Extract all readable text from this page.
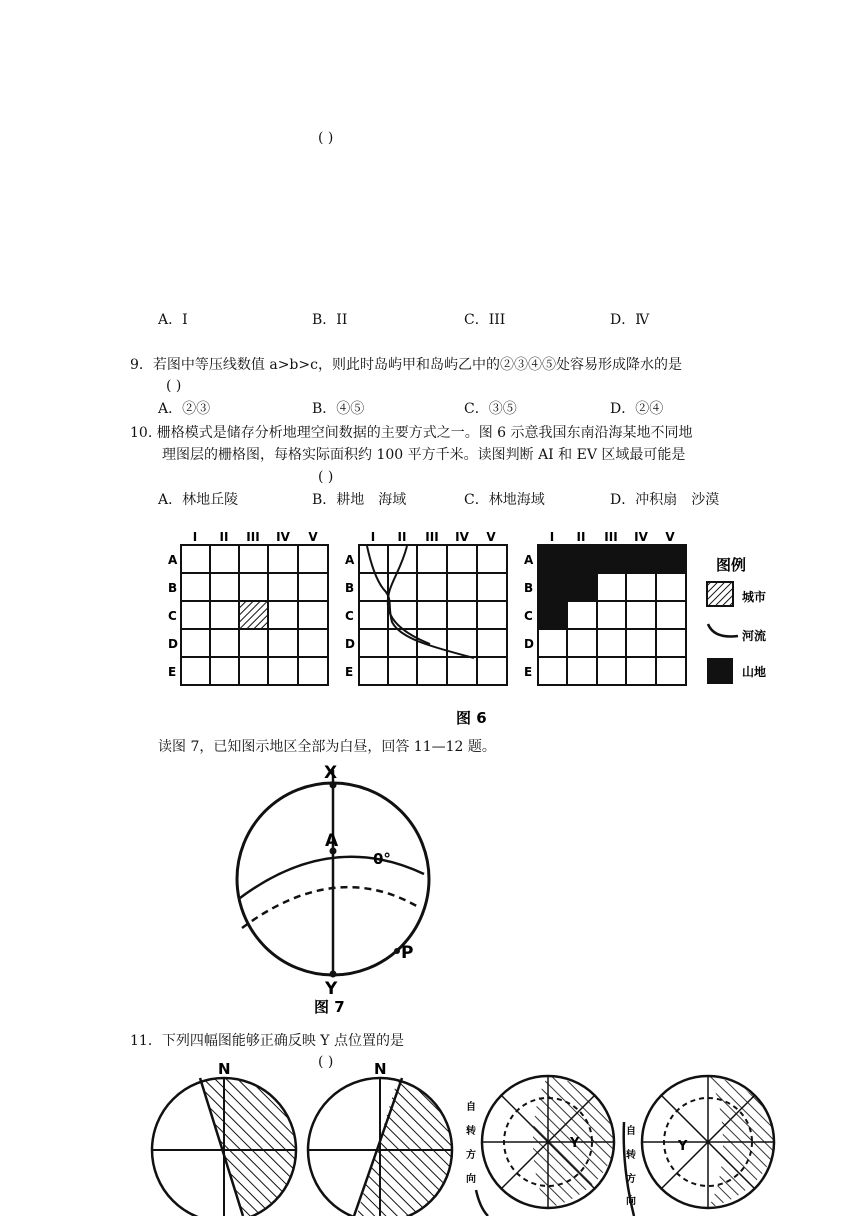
( )
A．I	B．II	C．III	D．Ⅳ
9．若图中等压线数值 a>b>c，则此时岛屿甲和岛屿乙中的②③④⑤处容易形成降水的是
( )
A．②③	B．④⑤	C．③⑤	D．②④
10. 栅格模式是储存分析地理空间数据的主要方式之一。图 6 示意我国东南沿海某地不同地
理图层的栅格图，每格实际面积约 100 平方千米。读图判断 AI 和 EV 区域最可能是
( )
A．林地丘陵	B．耕地　海域	C．林地海域	D．冲积扇　沙漠
I II III IV V
A
B
C
D
E
I II III IV V
A
B
C
D
E
I II III IV V
A
B
C
D
E
图例
城市
河流
山地
图 6
读图 7，已知图示地区全部为白昼，回答 11—12 题。
X
A
0°
P
Y
图 7
11．下列四幅图能够正确反映 Y 点位置的是
( )
N	N
自
转
方
向
Y
自
转
方
向
Y
